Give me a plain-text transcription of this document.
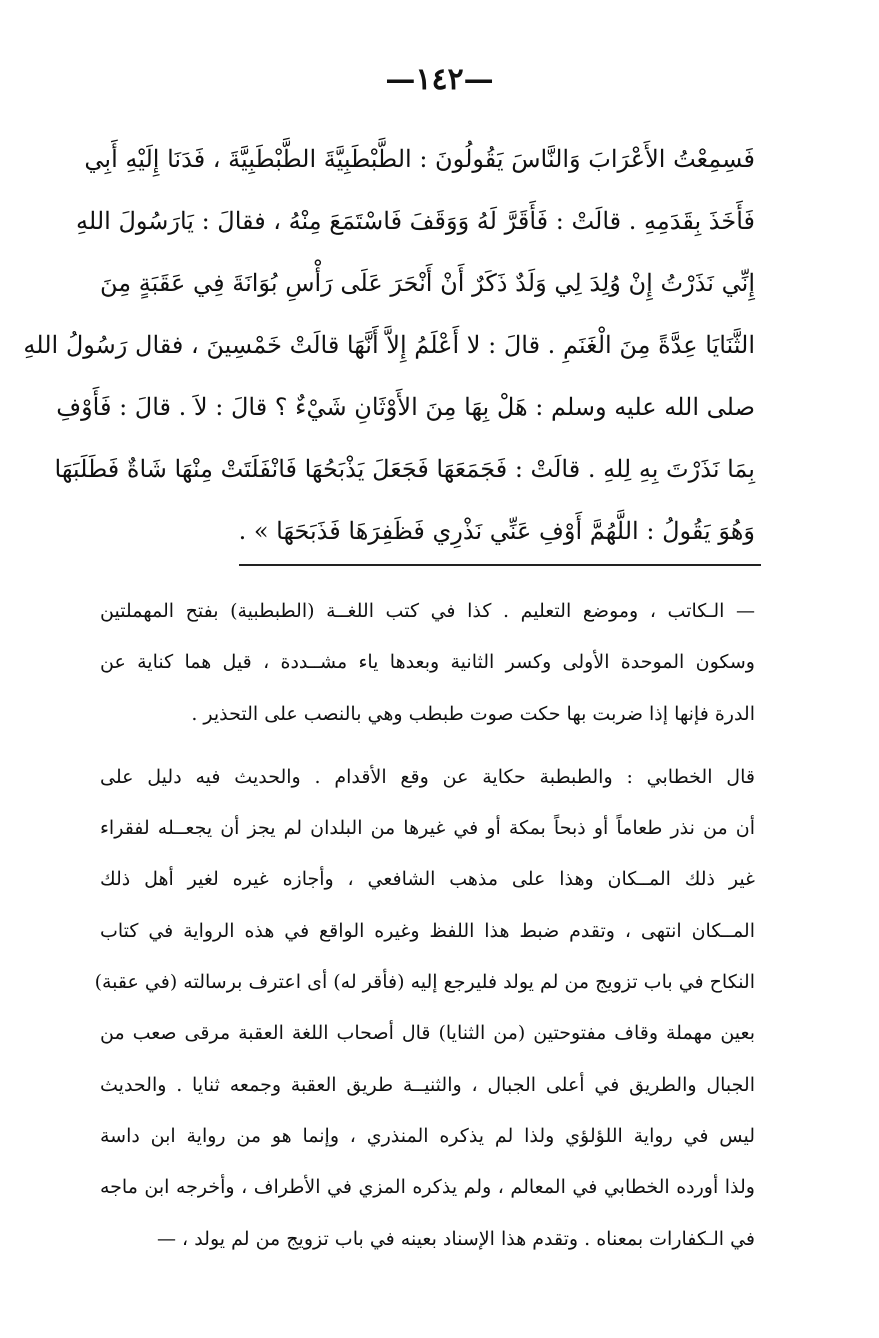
—١٤٢—
فَسِمِعْتُ الأَعْرَابَ وَالنَّاسَ يَقُولُونَ : الطَّبْطَبِيَّةَ الطَّبْطَبِيَّةَ ، فَدَنَا إِلَيْهِ أَبِي
فَأَخَذَ بِقَدَمِهِ . قالَتْ : فَأَقَرَّ لَهُ وَوَقَفَ فَاسْتَمَعَ مِنْهُ ، فقالَ : يَارَسُولَ اللهِ
إِنِّي نَذَرْتُ إِنْ وُلِدَ لِي وَلَدٌ ذَكَرٌ أَنْ أَنْحَرَ عَلَى رَأْسِ بُوَانَةَ فِي عَقَبَةٍ مِنَ
الثَّنَايَا عِدَّةً مِنَ الْغَنَمِ . قالَ : لا أَعْلَمُ إِلاَّ أَنَّهَا قالَتْ خَمْسِينَ ، فقال رَسُولُ اللهِ
صلى الله عليه وسلم : هَلْ بِهَا مِنَ الأَوْثَانِ شَيْءٌ ؟ قالَ : لاَ . قالَ : فَأَوْفِ
بِمَا نَذَرْتَ بِهِ لِلهِ . قالَتْ : فَجَمَعَهَا فَجَعَلَ يَذْبَحُهَا فَانْفَلَتَتْ مِنْهَا شَاةٌ فَطَلَبَهَا
وَهُوَ يَقُولُ : اللَّهُمَّ أَوْفِ عَنِّي نَذْرِي فَظَفِرَهَا فَذَبَحَهَا » .
— الـكاتب ، وموضع التعليم . كذا في كتب اللغــة (الطبطبية) بفتح المهملتين
وسكون الموحدة الأولى وكسر الثانية وبعدها ياء مشــددة ، قيل هما كناية عن
الدرة فإنها إذا ضربت بها حكت صوت طبطب وهي بالنصب على التحذير .
قال الخطابي : والطبطبة حكاية عن وقع الأقدام . والحديث فيه دليل على
أن من نذر طعاماً أو ذبحاً بمكة أو في غيرها من البلدان لم يجز أن يجعــله لفقراء
غير ذلك المــكان وهذا على مذهب الشافعي ، وأجازه غيره لغير أهل ذلك
المــكان انتهى ، وتقدم ضبط هذا اللفظ وغيره الواقع في هذه الرواية في كتاب
النكاح في باب تزويج من لم يولد فليرجع إليه (فأقر له) أى اعترف برسالته (في عقبة)
بعين مهملة وقاف مفتوحتين (من الثنايا) قال أصحاب اللغة العقبة مرقى صعب من
الجبال والطريق في أعلى الجبال ، والثنيــة طريق العقبة وجمعه ثنايا . والحديث
ليس في رواية اللؤلؤي ولذا لم يذكره المنذري ، وإنما هو من رواية ابن داسة
ولذا أورده الخطابي في المعالم ، ولم يذكره المزي في الأطراف ، وأخرجه ابن ماجه
في الـكفارات بمعناه . وتقدم هذا الإسناد بعينه في باب تزويج من لم يولد ، —
